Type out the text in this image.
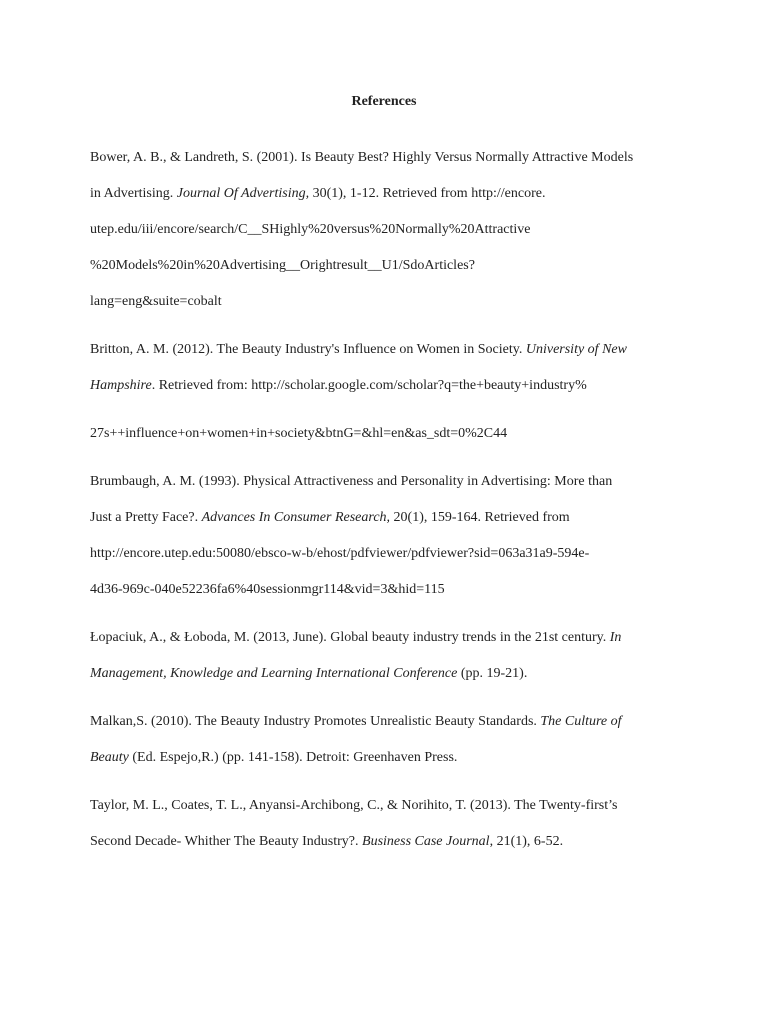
References

Bower, A. B., & Landreth, S. (2001). Is Beauty Best? Highly Versus Normally Attractive Models
in Advertising. Journal Of Advertising, 30(1), 1-12. Retrieved from http://encore.
utep.edu/iii/encore/search/C__SHighly%20versus%20Normally%20Attractive
%20Models%20in%20Advertising__Orightresult__U1/SdoArticles?
lang=eng&suite=cobalt

Britton, A. M. (2012). The Beauty Industry's Influence on Women in Society. University of New
Hampshire. Retrieved from: http://scholar.google.com/scholar?q=the+beauty+industry%
27s++influence+on+women+in+society&btnG=&hl=en&as_sdt=0%2C44

Brumbaugh, A. M. (1993). Physical Attractiveness and Personality in Advertising: More than
Just a Pretty Face?. Advances In Consumer Research, 20(1), 159-164. Retrieved from
http://encore.utep.edu:50080/ebsco-w-b/ehost/pdfviewer/pdfviewer?sid=063a31a9-594e-
4d36-969c-040e52236fa6%40sessionmgr114&vid=3&hid=115

Łopaciuk, A., & Łoboda, M. (2013, June). Global beauty industry trends in the 21st century. In
Management, Knowledge and Learning International Conference (pp. 19-21).

Malkan,S. (2010). The Beauty Industry Promotes Unrealistic Beauty Standards. The Culture of
Beauty (Ed. Espejo,R.) (pp. 141-158). Detroit: Greenhaven Press.

Taylor, M. L., Coates, T. L., Anyansi-Archibong, C., & Norihito, T. (2013). The Twenty-first’s
Second Decade- Whither The Beauty Industry?. Business Case Journal, 21(1), 6-52.
